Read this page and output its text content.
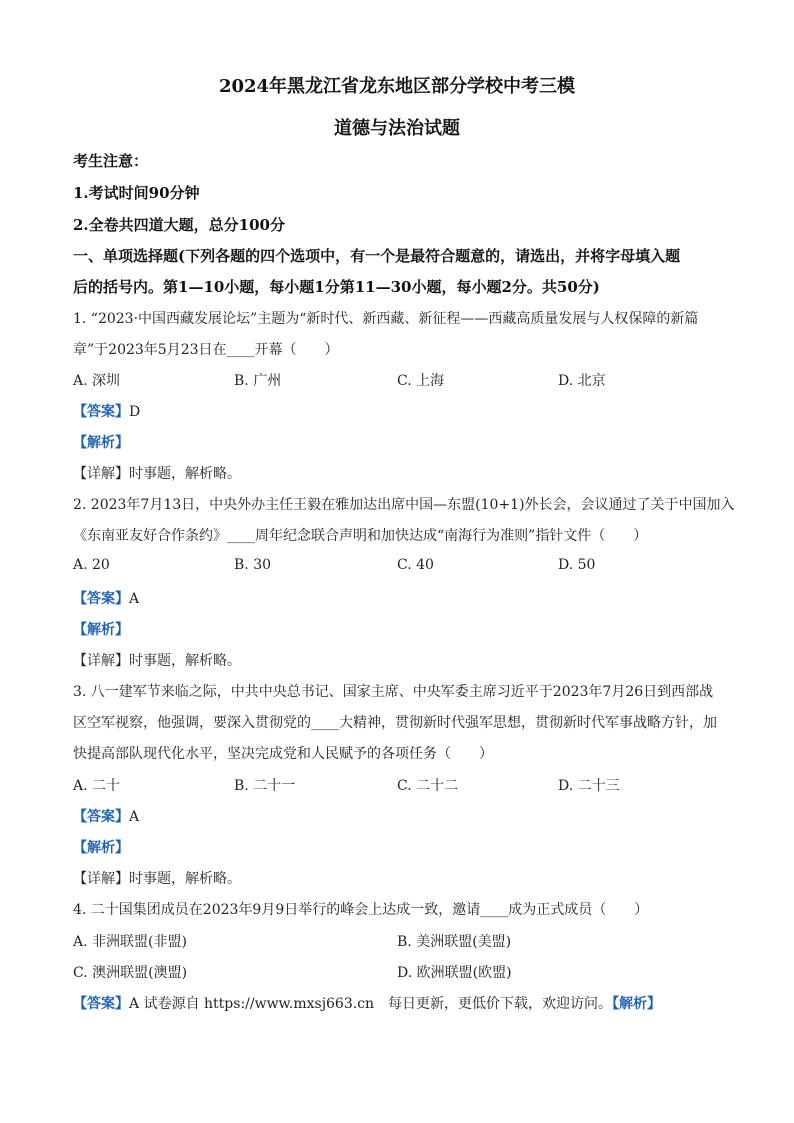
2024年黑龙江省龙东地区部分学校中考三模
道德与法治试题
考生注意：
1.考试时间90分钟
2.全卷共四道大题，总分100分
一、单项选择题(下列各题的四个选项中，有一个是最符合题意的，请选出，并将字母填入题
后的括号内。第1—10小题，每小题1分第11—30小题，每小题2分。共50分)
1. “2023·中国西藏发展论坛”主题为“新时代、新西藏、新征程——西藏高质量发展与人权保障的新篇
章”于2023年5月23日在____开幕（　　）
A. 深圳	B. 广州	C. 上海	D. 北京
【答案】D
【解析】
【详解】时事题，解析略。
2. 2023年7月13日，中央外办主任王毅在雅加达出席中国—东盟(10+1)外长会，会议通过了关于中国加入
《东南亚友好合作条约》____周年纪念联合声明和加快达成“南海行为准则”指针文件（　　）
A. 20	B. 30	C. 40	D. 50
【答案】A
【解析】
【详解】时事题，解析略。
3. 八一建军节来临之际，中共中央总书记、国家主席、中央军委主席习近平于2023年7月26日到西部战
区空军视察，他强调，要深入贯彻党的____大精神，贯彻新时代强军思想，贯彻新时代军事战略方针，加
快提高部队现代化水平，坚决完成党和人民赋予的各项任务（　　）
A. 二十	B. 二十一	C. 二十二	D. 二十三
【答案】A
【解析】
【详解】时事题，解析略。
4. 二十国集团成员在2023年9月9日举行的峰会上达成一致，邀请____成为正式成员（　　）
A. 非洲联盟(非盟)	B. 美洲联盟(美盟)
C. 澳洲联盟(澳盟)	D. 欧洲联盟(欧盟)
【答案】A 试卷源自 https://www.mxsj663.cn　每日更新，更低价下载，欢迎访问。【解析】
